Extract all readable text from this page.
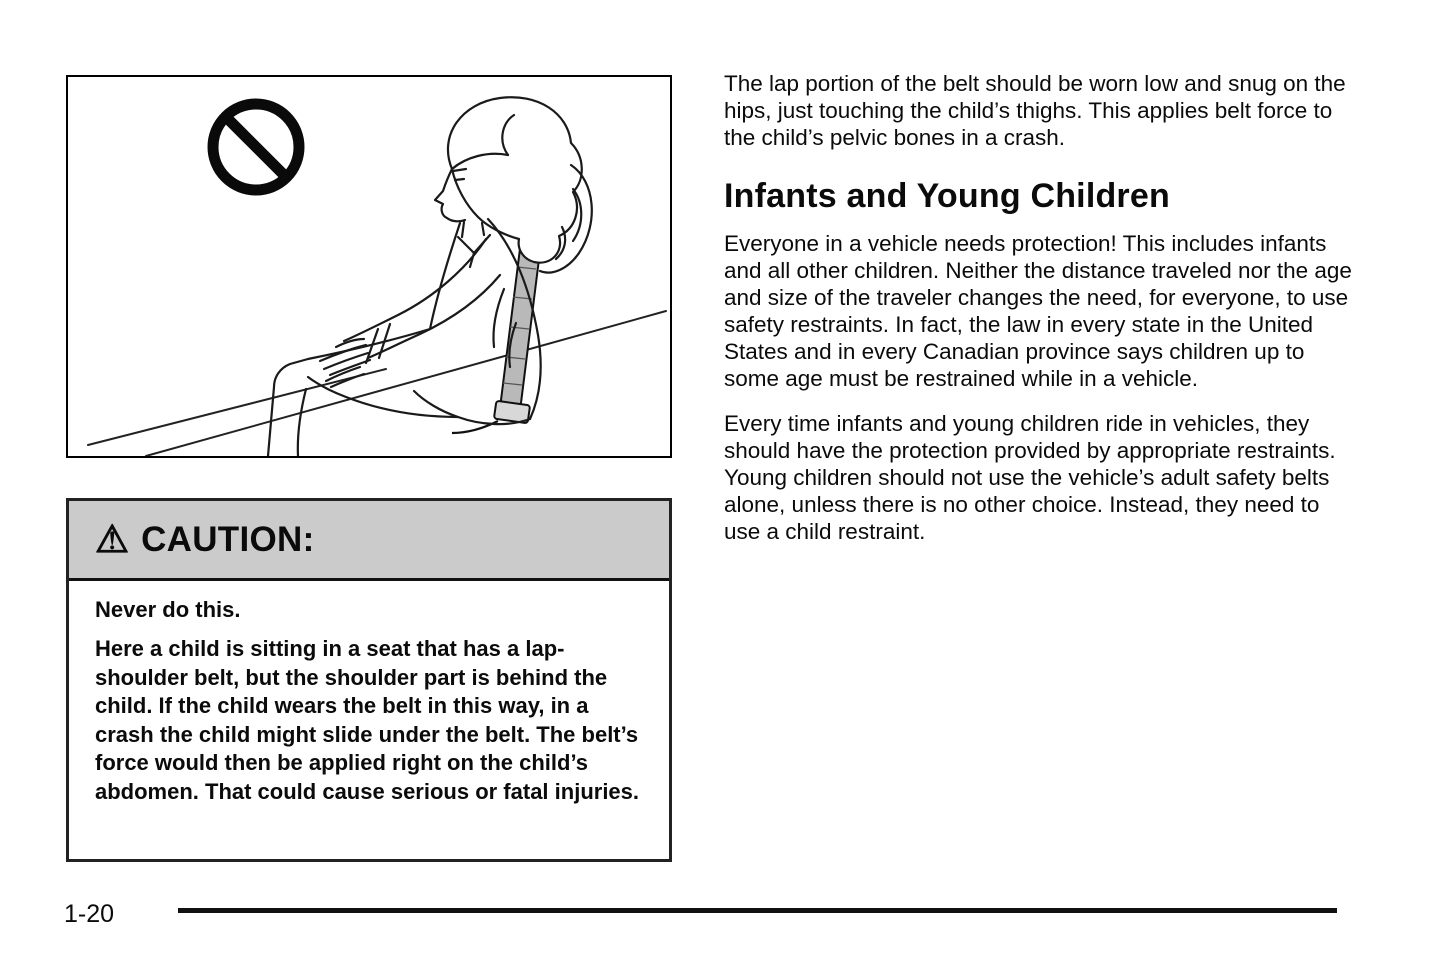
⚠ CAUTION:

Never do this.

Here a child is sitting in a seat that has a lap-shoulder belt, but the shoulder part is behind the child. If the child wears the belt in this way, in a crash the child might slide under the belt. The belt’s force would then be applied right on the child’s abdomen. That could cause serious or fatal injuries.

The lap portion of the belt should be worn low and snug on the hips, just touching the child’s thighs. This applies belt force to the child’s pelvic bones in a crash.

Infants and Young Children

Everyone in a vehicle needs protection! This includes infants and all other children. Neither the distance traveled nor the age and size of the traveler changes the need, for everyone, to use safety restraints. In fact, the law in every state in the United States and in every Canadian province says children up to some age must be restrained while in a vehicle.

Every time infants and young children ride in vehicles, they should have the protection provided by appropriate restraints. Young children should not use the vehicle’s adult safety belts alone, unless there is no other choice. Instead, they need to use a child restraint.

1-20
